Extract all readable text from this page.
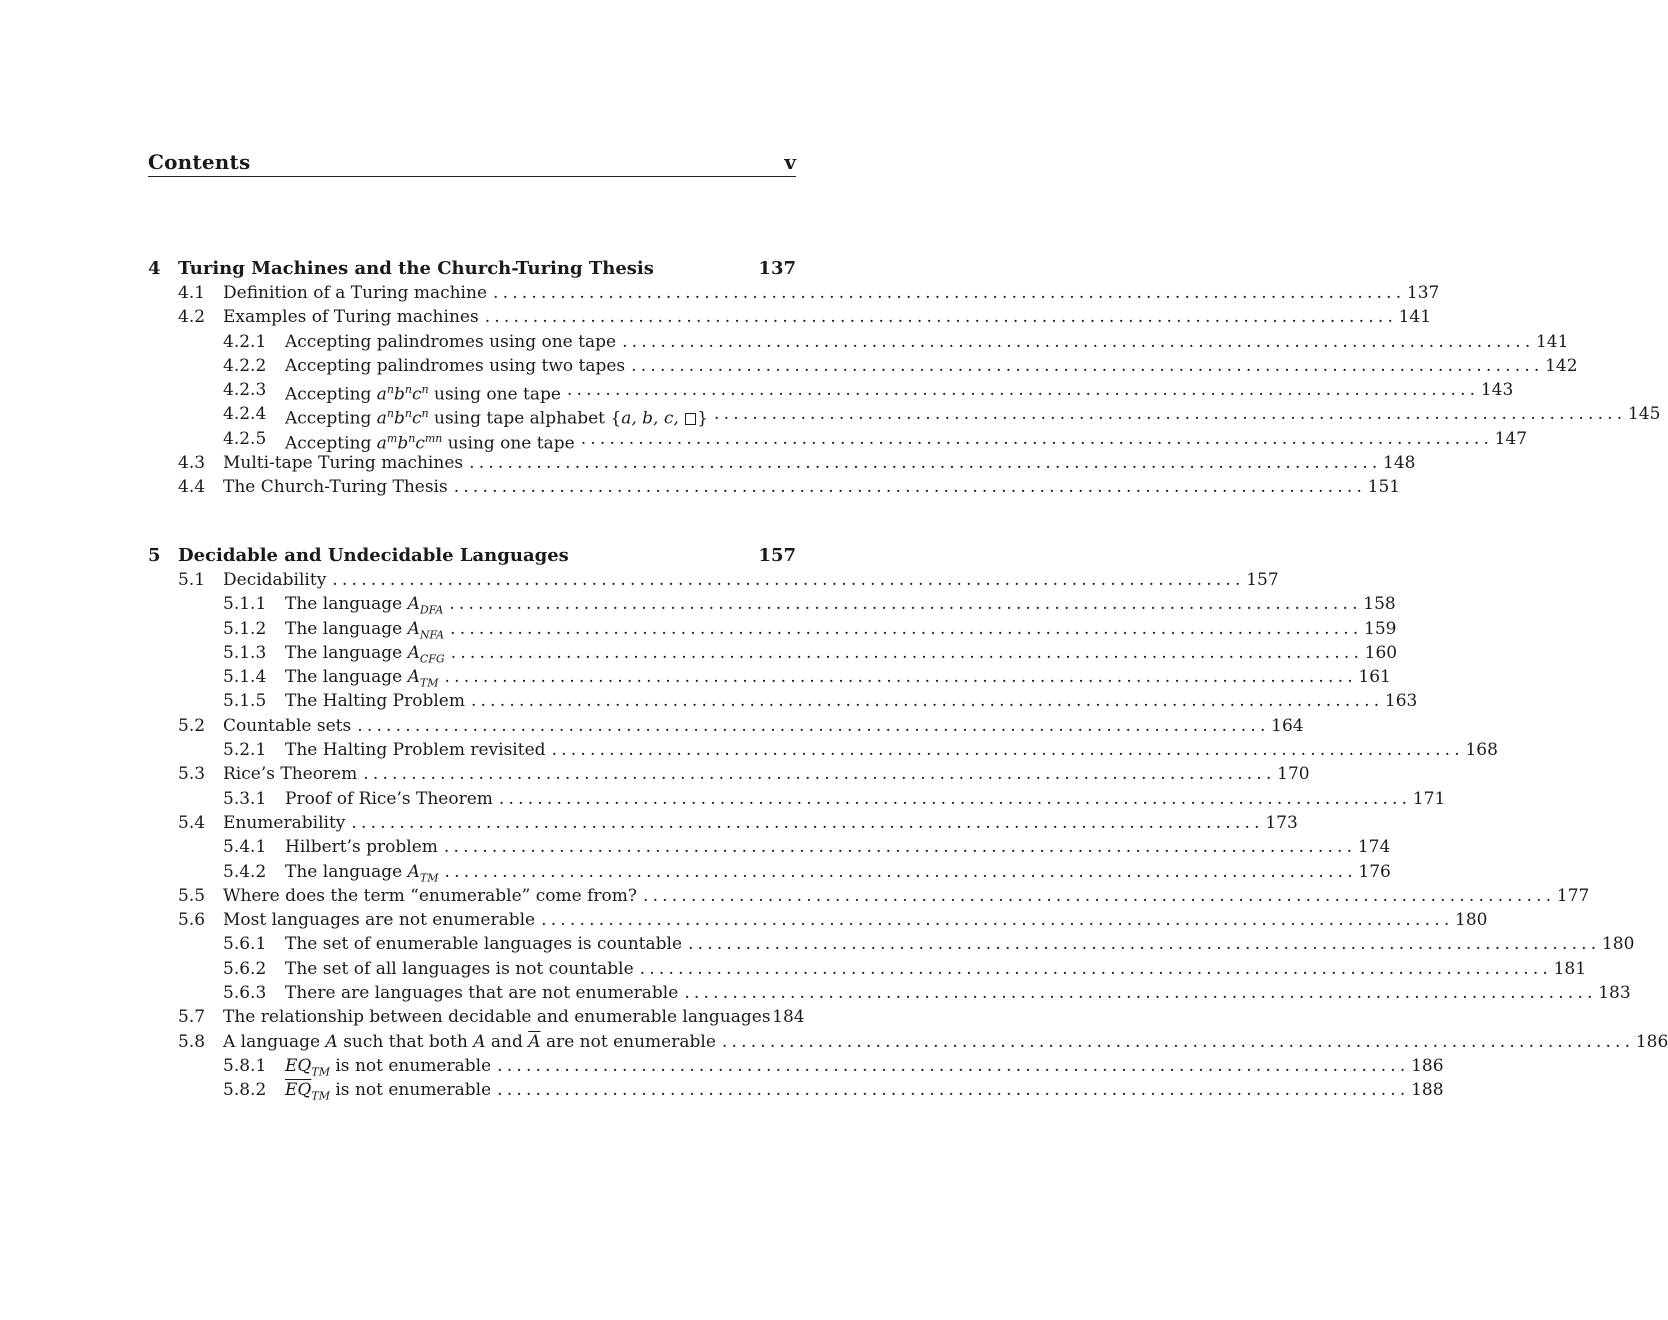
Contents	v
4 Turing Machines and the Church-Turing Thesis	137
4.1 Definition of a Turing machine ............................................................................................... 137
4.2 Examples of Turing machines ............................................................................................... 141
4.2.1 Accepting palindromes using one tape ............................................................................................... 141
4.2.2 Accepting palindromes using two tapes ............................................................................................... 142
4.2.3 Accepting $a^nb^nc^n$ using one tape ............................................................................................... 143
4.2.4 Accepting $a^nb^nc^n$ using tape alphabet {a, b, c, } ............................................................................................... 145
4.2.5 Accepting $a^mb^nc^{mn}$ using one tape ............................................................................................... 147
4.3 Multi-tape Turing machines ............................................................................................... 148
4.4 The Church-Turing Thesis ............................................................................................... 151
5 Decidable and Undecidable Languages	157
5.1 Decidability ............................................................................................... 157
5.1.1 The language $A_{DFA}$ ............................................................................................... 158
5.1.2 The language $A_{NFA}$ ............................................................................................... 159
5.1.3 The language $A_{CFG}$ ............................................................................................... 160
5.1.4 The language $A_{TM}$ ............................................................................................... 161
5.1.5 The Halting Problem ............................................................................................... 163
5.2 Countable sets ............................................................................................... 164
5.2.1 The Halting Problem revisited ............................................................................................... 168
5.3 Rice’s Theorem ............................................................................................... 170
5.3.1 Proof of Rice’s Theorem ............................................................................................... 171
5.4 Enumerability ............................................................................................... 173
5.4.1 Hilbert’s problem ............................................................................................... 174
5.4.2 The language $A_{TM}$ ............................................................................................... 176
5.5 Where does the term “enumerable” come from? ............................................................................................... 177
5.6 Most languages are not enumerable ............................................................................................... 180
5.6.1 The set of enumerable languages is countable ............................................................................................... 180
5.6.2 The set of all languages is not countable ............................................................................................... 181
5.6.3 There are languages that are not enumerable ............................................................................................... 183
5.7 The relationship between decidable and enumerable languages 184
5.8 A language A such that both A and $\overline{A}$ are not enumerable ............................................................................................... 186
5.8.1 $EQ_{TM}$ is not enumerable ............................................................................................... 186
5.8.2 $\overline{EQ}_{TM}$ is not enumerable ............................................................................................... 188
